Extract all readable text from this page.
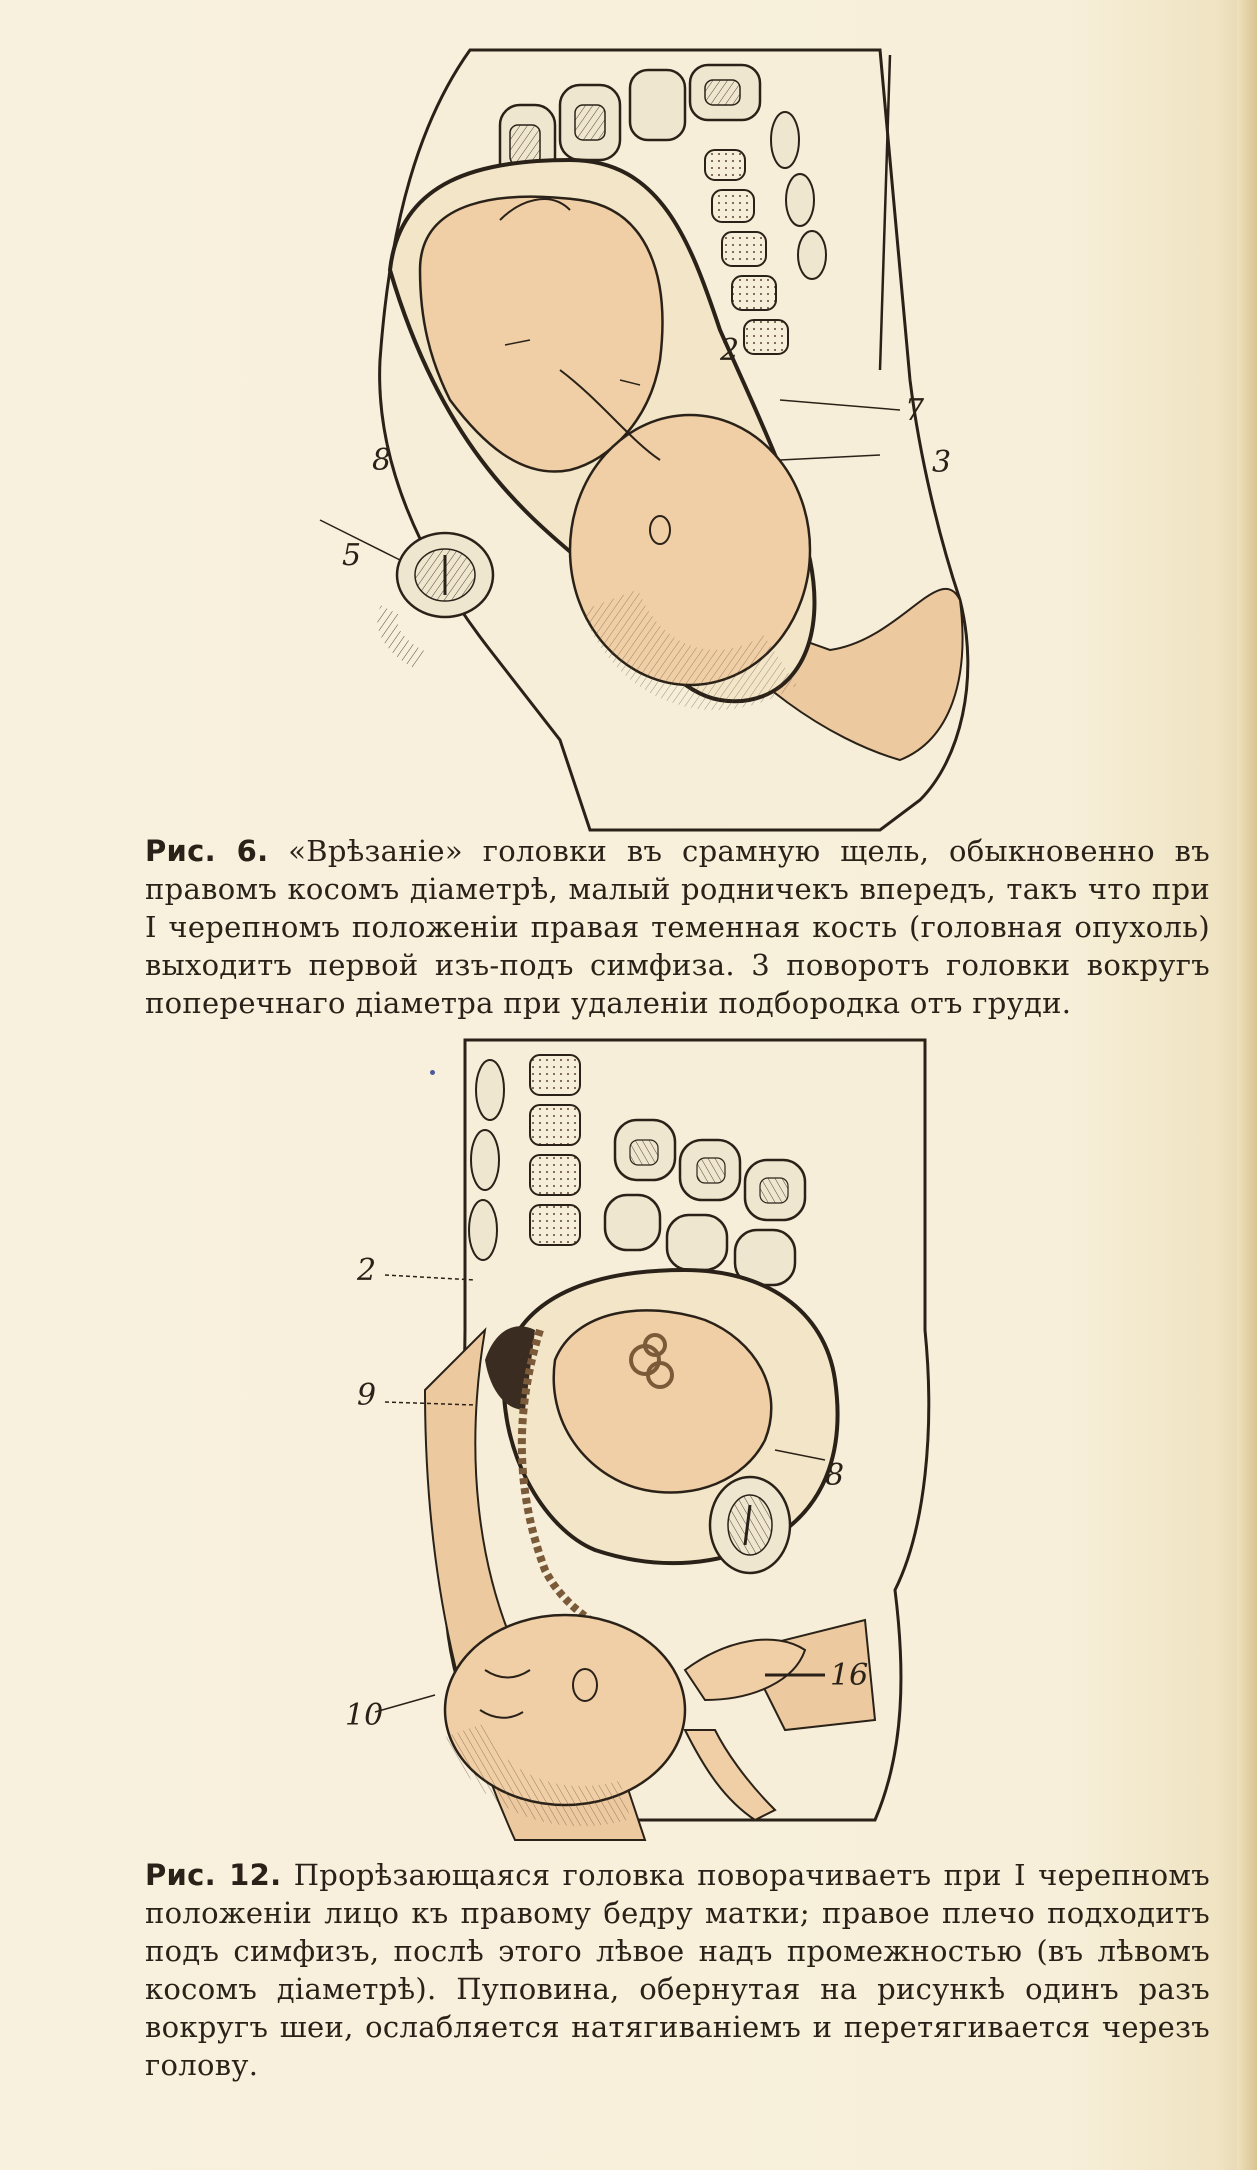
2
7
3
8
5
Рис. 6. «Врѣзаніе» головки въ срамную щель, обыкновенно въ правомъ косомъ діаметрѣ, малый родничекъ впередъ, такъ что при I черепномъ положеніи правая теменная кость (головная опухоль) выходитъ первой изъ-подъ симфиза. 3 поворотъ головки вокругъ поперечнаго діаметра при удаленіи подбородка отъ груди.
2
9
8
10
16
Рис. 12. Прорѣзающаяся головка поворачиваетъ при I черепномъ положеніи лицо къ правому бедру матки; правое плечо подходитъ подъ симфизъ, послѣ этого лѣвое надъ промежностью (въ лѣвомъ косомъ діаметрѣ). Пуповина, обернутая на рисункѣ одинъ разъ вокругъ шеи, ослабляется натягиваніемъ и перетягивается черезъ голову.
